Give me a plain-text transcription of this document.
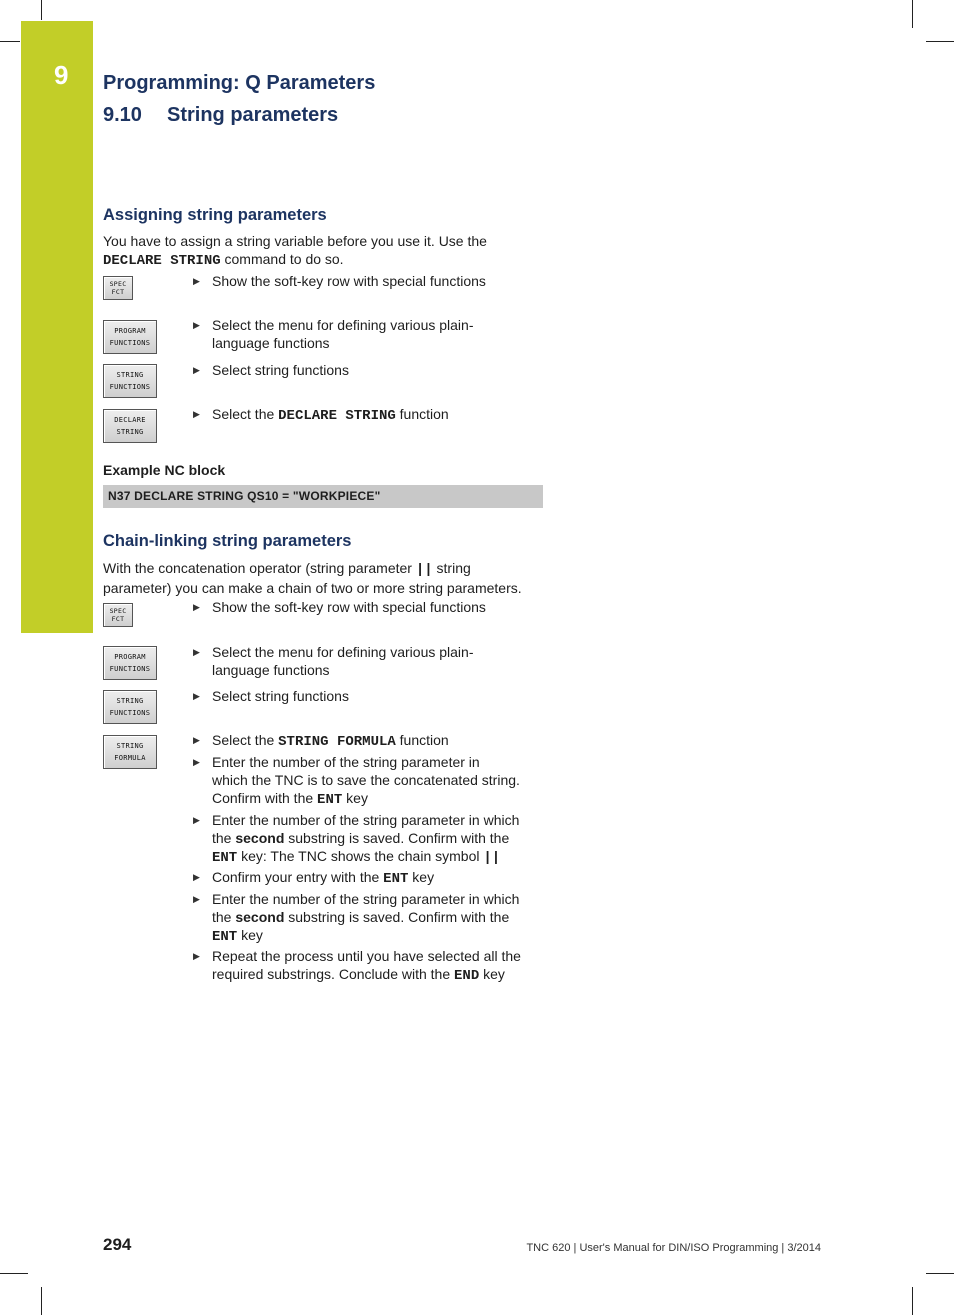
9 Programming: Q Parameters
9.10 String parameters
Assigning string parameters
You have to assign a string variable before you use it. Use the
DECLARE STRING command to do so.
SPEC
FCT
PROGRAM
FUNCTIONS
STRING
FUNCTIONS
DECLARE
STRING
▶ Show the soft-key row with special functions
▶ Select the menu for defining various plain-
language functions
▶ Select string functions
▶ Select the DECLARE STRING function
Example NC block
N37 DECLARE STRING QS10 = "WORKPIECE"
Chain-linking string parameters
With the concatenation operator (string parameter || string
parameter) you can make a chain of two or more string parameters.
SPEC
FCT
PROGRAM
FUNCTIONS
STRING
FUNCTIONS
STRING
FORMULA
▶ Show the soft-key row with special functions
▶ Select the menu for defining various plain-
language functions
▶ Select string functions
▶ Select the STRING FORMULA function
▶ Enter the number of the string parameter in
which the TNC is to save the concatenated string.
Confirm with the ENT key
▶ Enter the number of the string parameter in which
the second substring is saved. Confirm with the
ENT key: The TNC shows the chain symbol ||
▶ Confirm your entry with the ENT key
▶ Enter the number of the string parameter in which
the second substring is saved. Confirm with the
ENT key
▶ Repeat the process until you have selected all the
required substrings. Conclude with the END key
294	TNC 620 | User's Manual for DIN/ISO Programming | 3/2014
